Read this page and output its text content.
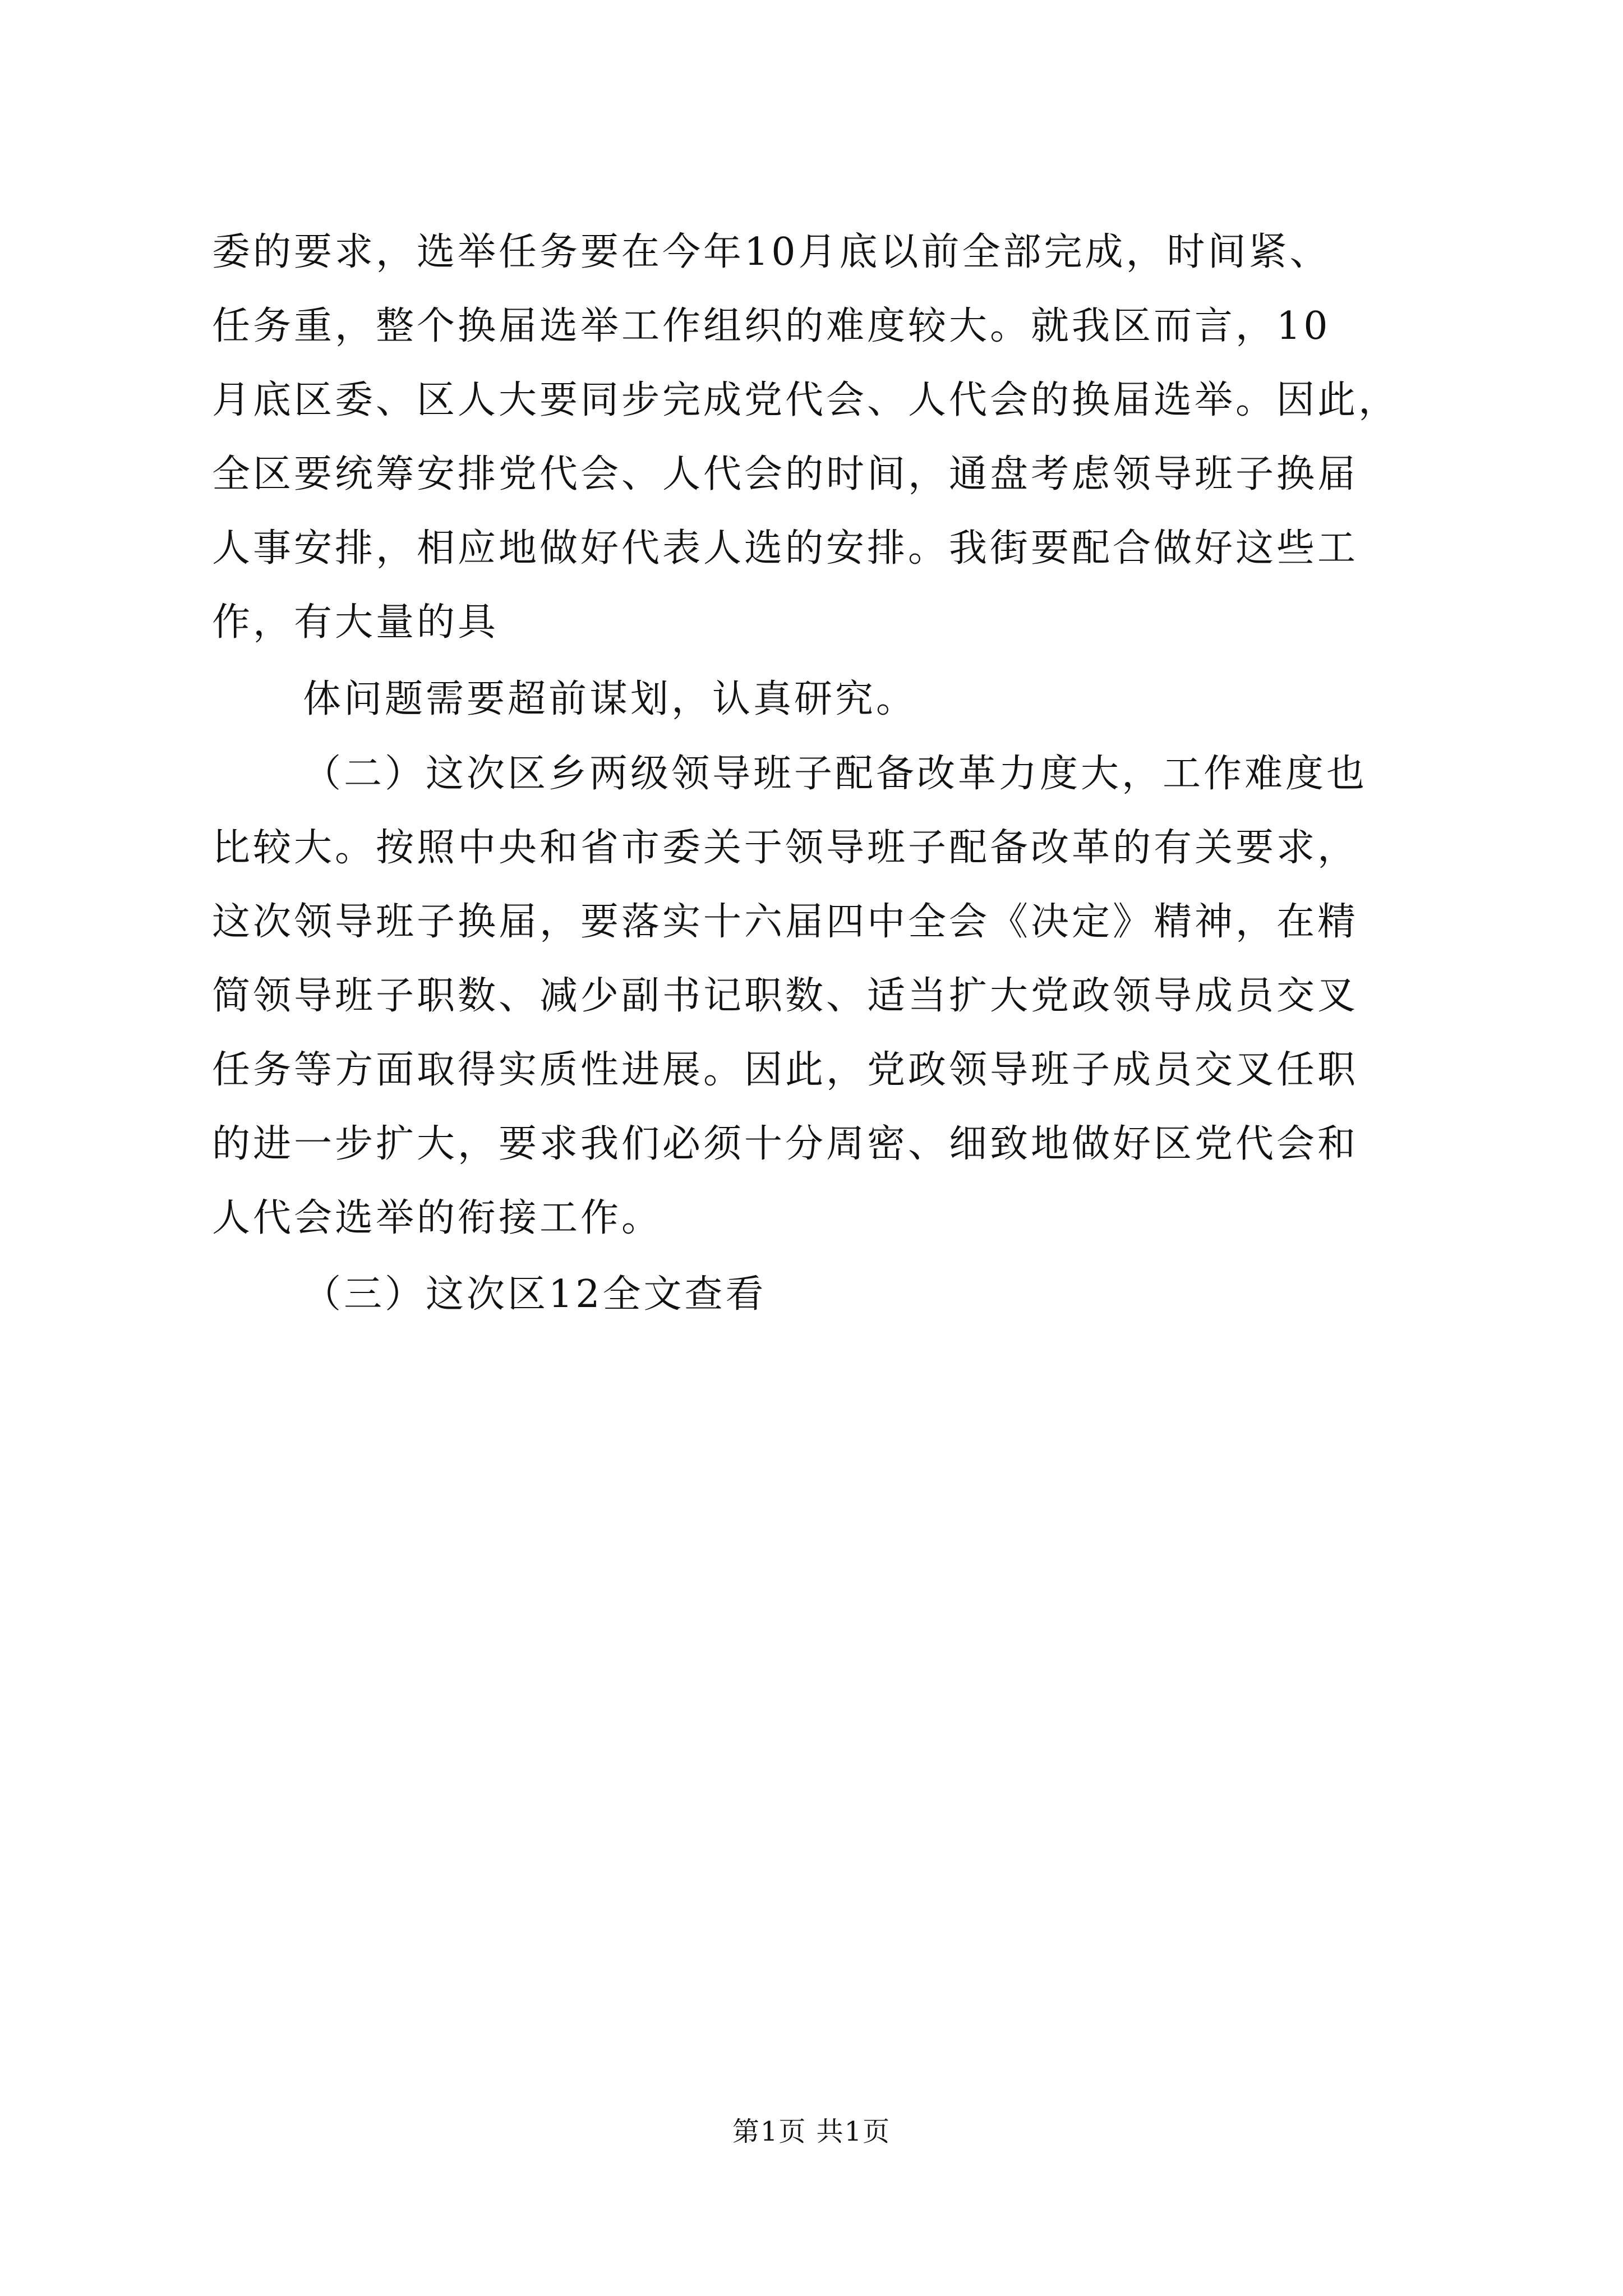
委的要求，选举任务要在今年10月底以前全部完成，时间紧、
任务重，整个换届选举工作组织的难度较大。就我区而言，10
月底区委、区人大要同步完成党代会、人代会的换届选举。因此，
全区要统筹安排党代会、人代会的时间，通盘考虑领导班子换届
人事安排，相应地做好代表人选的安排。我街要配合做好这些工
作，有大量的具
体问题需要超前谋划，认真研究。
（二）这次区乡两级领导班子配备改革力度大，工作难度也
比较大。按照中央和省市委关于领导班子配备改革的有关要求，
这次领导班子换届，要落实十六届四中全会《决定》精神，在精
简领导班子职数、减少副书记职数、适当扩大党政领导成员交叉
任务等方面取得实质性进展。因此，党政领导班子成员交叉任职
的进一步扩大，要求我们必须十分周密、细致地做好区党代会和
人代会选举的衔接工作。
（三）这次区12全文查看
第1页 共1页
